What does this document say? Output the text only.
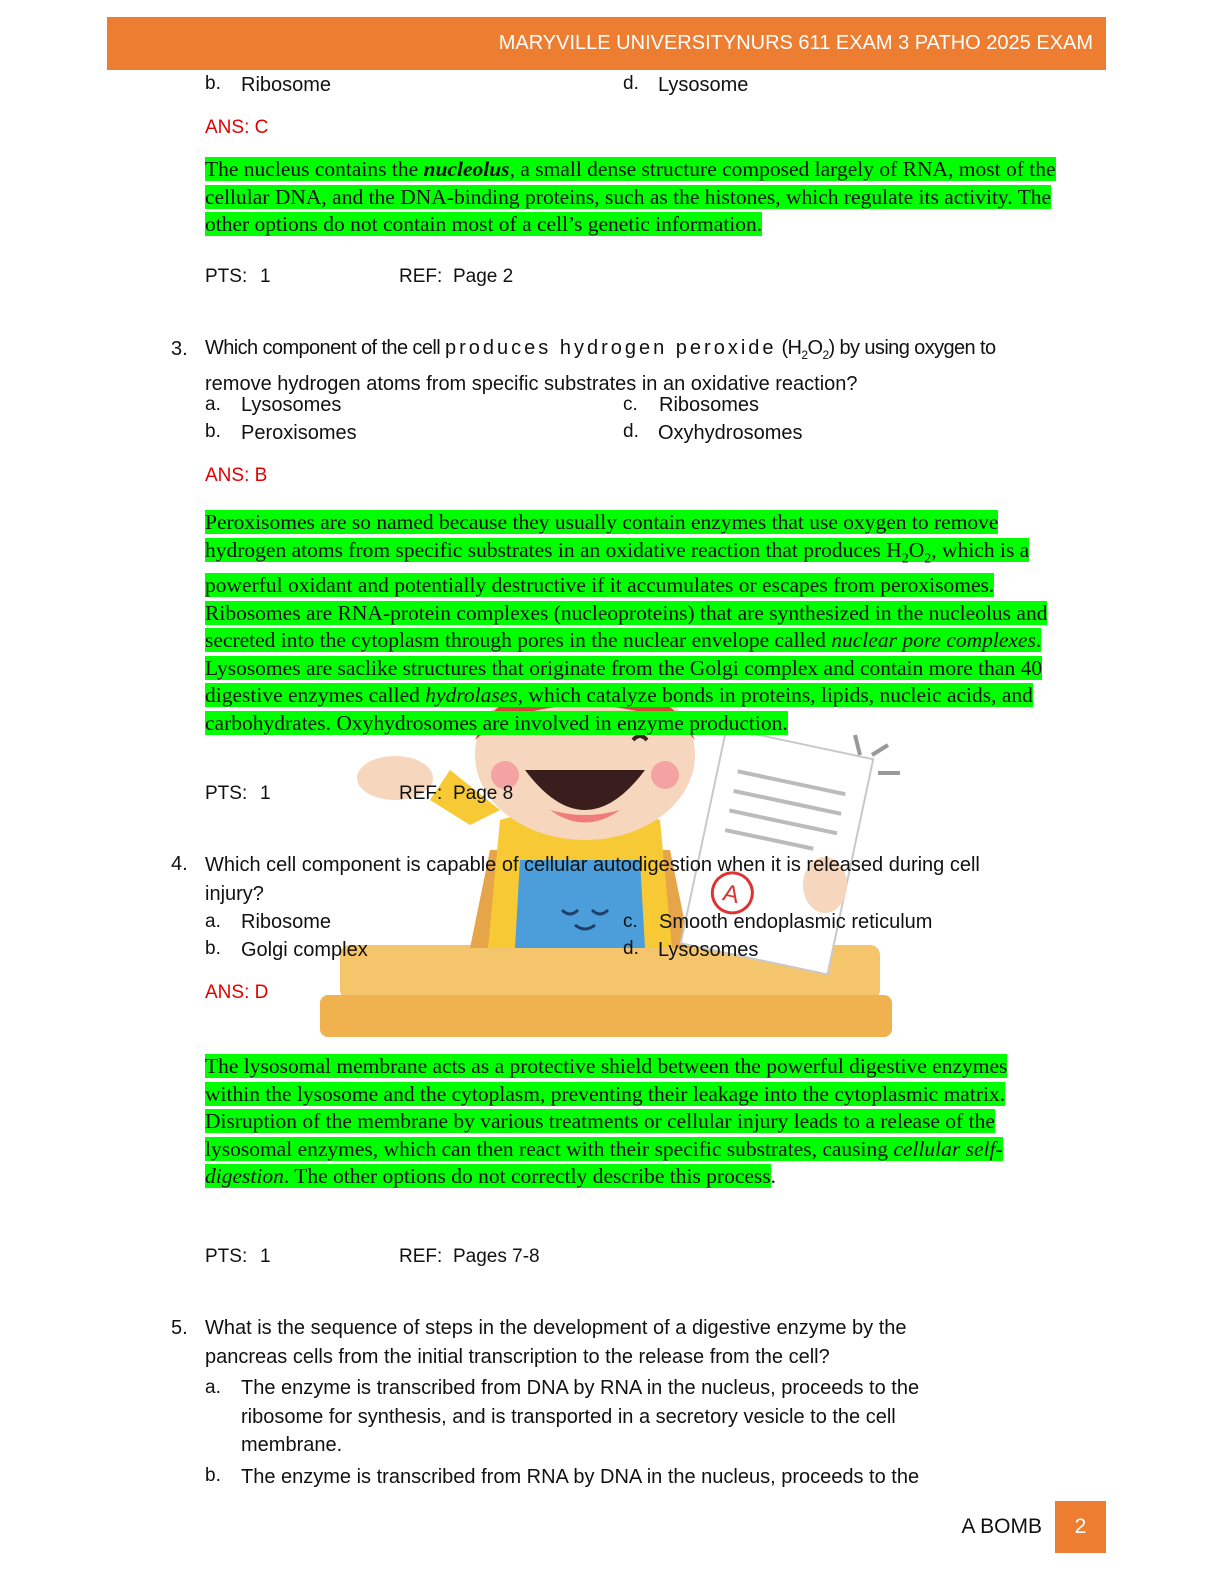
MARYVILLE UNIVERSITYNURS 611 EXAM 3 PATHO 2025 EXAM
A
b. Ribosome	d. Lysosome
ANS: C
The nucleus contains the nucleolus, a small dense structure composed largely of RNA, most of the cellular DNA, and the DNA-binding proteins, such as the histones, which regulate its activity. The other options do not contain most of a cell’s genetic information.
PTS: 1	REF: Page 2
3. Which component of the cell produces hydrogen peroxide $(H_2O_2)$ by using oxygen to
remove hydrogen atoms from specific substrates in an oxidative reaction?
a. Lysosomes
b. Peroxisomes
c. Ribosomes
d. Oxyhydrosomes
ANS: B
Peroxisomes are so named because they usually contain enzymes that use oxygen to remove hydrogen atoms from specific substrates in an oxidative reaction that produces $H_2O_2$, which is a powerful oxidant and potentially destructive if it accumulates or escapes from peroxisomes. Ribosomes are RNA-protein complexes (nucleoproteins) that are synthesized in the nucleolus and secreted into the cytoplasm through pores in the nuclear envelope called nuclear pore complexes. Lysosomes are saclike structures that originate from the Golgi complex and contain more than 40 digestive enzymes called hydrolases, which catalyze bonds in proteins, lipids, nucleic acids, and carbohydrates. Oxyhydrosomes are involved in enzyme production.
PTS: 1	REF: Page 8
4. Which cell component is capable of cellular autodigestion when it is released during cell
injury?
a. Ribosome
b. Golgi complex
c. Smooth endoplasmic reticulum
d. Lysosomes
ANS: D
The lysosomal membrane acts as a protective shield between the powerful digestive enzymes within the lysosome and the cytoplasm, preventing their leakage into the cytoplasmic matrix. Disruption of the membrane by various treatments or cellular injury leads to a release of the lysosomal enzymes, which can then react with their specific substrates, causing cellular self-digestion. The other options do not correctly describe this process.
PTS: 1	REF: Pages 7-8
5. What is the sequence of steps in the development of a digestive enzyme by the
pancreas cells from the initial transcription to the release from the cell?
a. The enzyme is transcribed from DNA by RNA in the nucleus, proceeds to the
ribosome for synthesis, and is transported in a secretory vesicle to the cell
membrane.
b. The enzyme is transcribed from RNA by DNA in the nucleus, proceeds to the
A BOMB 2
